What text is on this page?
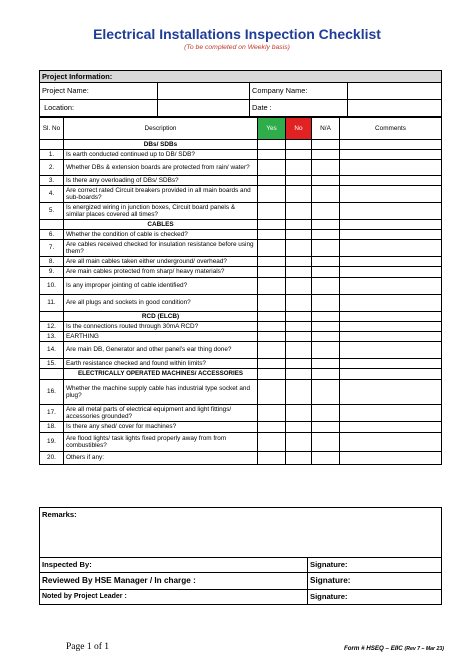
Electrical Installations Inspection Checklist
(To be completed on Weekly basis)
Project Information:			
Project Name:		Company Name:	
Location:		Date :	
Sl. No	Description	Yes	No	N/A	Comments
	DBs/ SDBs				
1.	Is earth conducted continued up to DB/ SDB?				
2.	Whether DBs & extension boards are protected from rain/ water?				
3.	Is there any overloading of DBs/ SDBs?				
4.	Are correct rated Circuit breakers provided in all main boards and sub-boards?				
5.	Is energized wiring in junction boxes, Circuit board panels & similar places covered all times?				
	CABLES				
6.	Whether the condition of cable is checked?				
7.	Are cables received checked for insulation resistance before using them?				
8.	Are all main cables taken either underground/ overhead?				
9.	Are main cables protected from sharp/ heavy materials?				
10.	Is any improper jointing of cable identified?				
11.	Are all plugs and sockets in good condition?				
	RCD (ELCB)				
12.	Is the connections routed through 30mA RCD?				
13.	EARTHING				
14.	Are main DB, Generator and other panel’s ear thing done?				
15.	Earth resistance checked and found within limits?				
	ELECTRICALLY OPERATED MACHINES/ ACCESSORIES				
16.	Whether the machine supply cable has industrial type socket and plug?				
17.	Are all metal parts of electrical equipment and light fittings/ accessories grounded?				
18.	Is there any shed/ cover for machines?				
19.	Are flood lights/ task lights fixed properly away from from combustibles?				
20.	Others if any:				
Remarks:	
Inspected By:	Signature:
Reviewed By HSE Manager / In charge :	Signature:
Noted by Project Leader :	Signature:
Page 1 of 1	Form # HSEQ – EIIC (Rev 7 – Mar 23)
